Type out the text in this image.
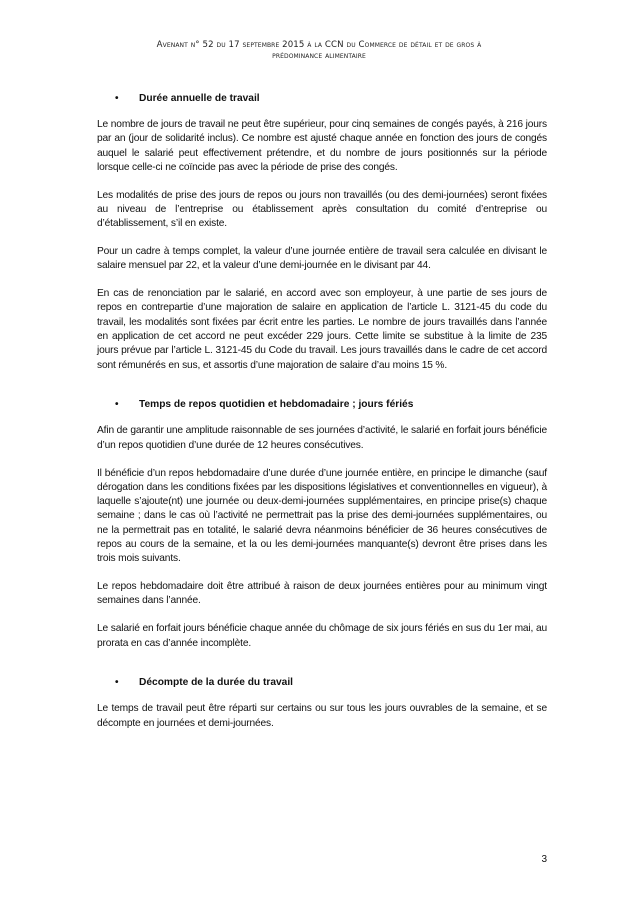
Avenant n° 52 du 17 septembre 2015 à la CCN du Commerce de détail et de gros à
prédominance alimentaire
•	Durée annuelle de travail

Le nombre de jours de travail ne peut être supérieur, pour cinq semaines de congés payés, à 216 jours par an (jour de solidarité inclus). Ce nombre est ajusté chaque année en fonction des jours de congés auquel le salarié peut effectivement prétendre, et du nombre de jours positionnés sur la période lorsque celle-ci ne coïncide pas avec la période de prise des congés.

Les modalités de prise des jours de repos ou jours non travaillés (ou des demi-journées) seront fixées au niveau de l’entreprise ou établissement après consultation du comité d’entreprise ou d’établissement, s’il en existe.

Pour un cadre à temps complet, la valeur d’une journée entière de travail sera calculée en divisant le salaire mensuel par 22, et la valeur d’une demi-journée en le divisant par 44.

En cas de renonciation par le salarié, en accord avec son employeur, à une partie de ses jours de repos en contrepartie d’une majoration de salaire en application de l’article L. 3121-45 du code du travail, les modalités sont fixées par écrit entre les parties. Le nombre de jours travaillés dans l’année en application de cet accord ne peut excéder 229 jours. Cette limite se substitue à la limite de 235 jours prévue par l’article L. 3121-45 du Code du travail. Les jours travaillés dans le cadre de cet accord sont rémunérés en sus, et assortis d’une majoration de salaire d’au moins 15 %.

•	Temps de repos quotidien et hebdomadaire ; jours fériés

Afin de garantir une amplitude raisonnable de ses journées d’activité, le salarié en forfait jours bénéficie d’un repos quotidien d’une durée de 12 heures consécutives.

Il bénéficie d’un repos hebdomadaire d’une durée d’une journée entière, en principe le dimanche (sauf dérogation dans les conditions fixées par les dispositions législatives et conventionnelles en vigueur), à laquelle s’ajoute(nt) une journée ou deux-demi-journées supplémentaires, en principe prise(s) chaque semaine ; dans le cas où l’activité ne permettrait pas la prise des demi-journées supplémentaires, ou ne la permettrait pas en totalité, le salarié devra néanmoins bénéficier de 36 heures consécutives de repos au cours de la semaine, et la ou les demi-journées manquante(s) devront être prises dans les trois mois suivants.

Le repos hebdomadaire doit être attribué à raison de deux journées entières pour au minimum vingt semaines dans l’année.

Le salarié en forfait jours bénéficie chaque année du chômage de six jours fériés en sus du 1er mai, au prorata en cas d’année incomplète.

•	Décompte de la durée du travail

Le temps de travail peut être réparti sur certains ou sur tous les jours ouvrables de la semaine, et se décompte en journées et demi-journées.

3
